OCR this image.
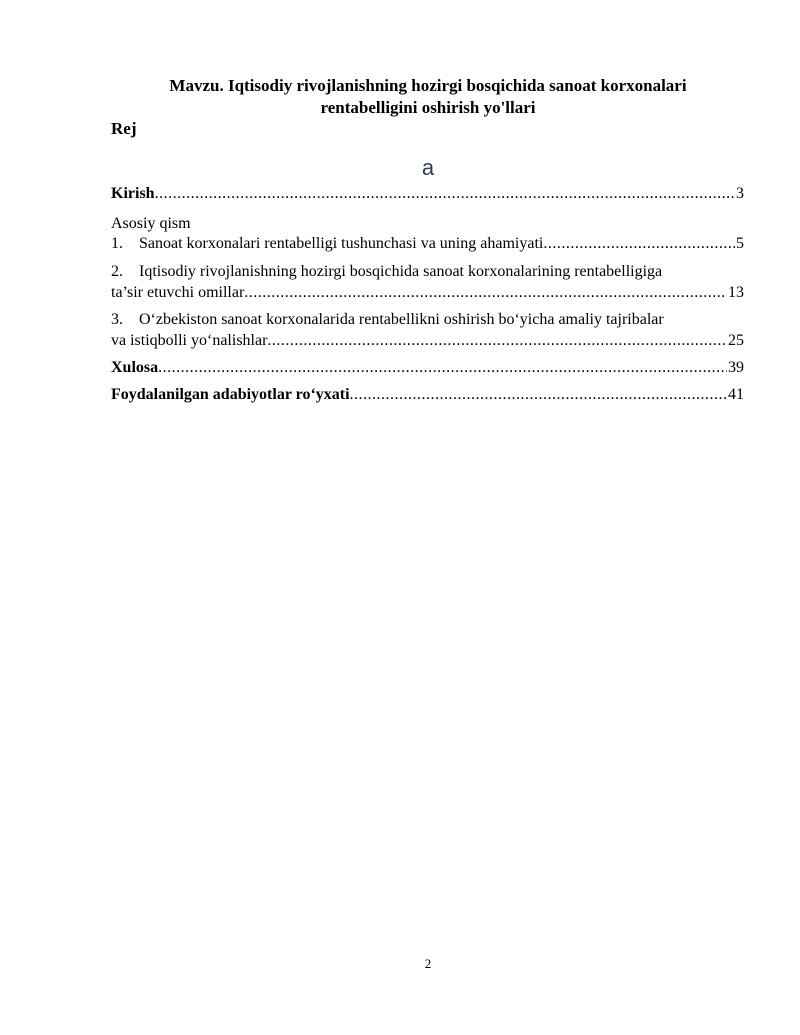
Mavzu. Iqtisodiy rivojlanishning hozirgi bosqichida sanoat korxonalari
rentabelligini oshirish yo'llari
Rej
a
Kirish .....	3
Asosiy qism
1. Sanoat korxonalari rentabelligi tushunchasi va uning ahamiyati .....	5
2. Iqtisodiy rivojlanishning hozirgi bosqichida sanoat korxonalarining rentabelligiga
ta’sir etuvchi omillar .....	13
3. O‘zbekiston sanoat korxonalarida rentabellikni oshirish bo‘yicha amaliy tajribalar
va istiqbolli yo‘nalishlar .....	25
Xulosa .....	39
Foydalanilgan adabiyotlar ro‘yxati .....	41
2
